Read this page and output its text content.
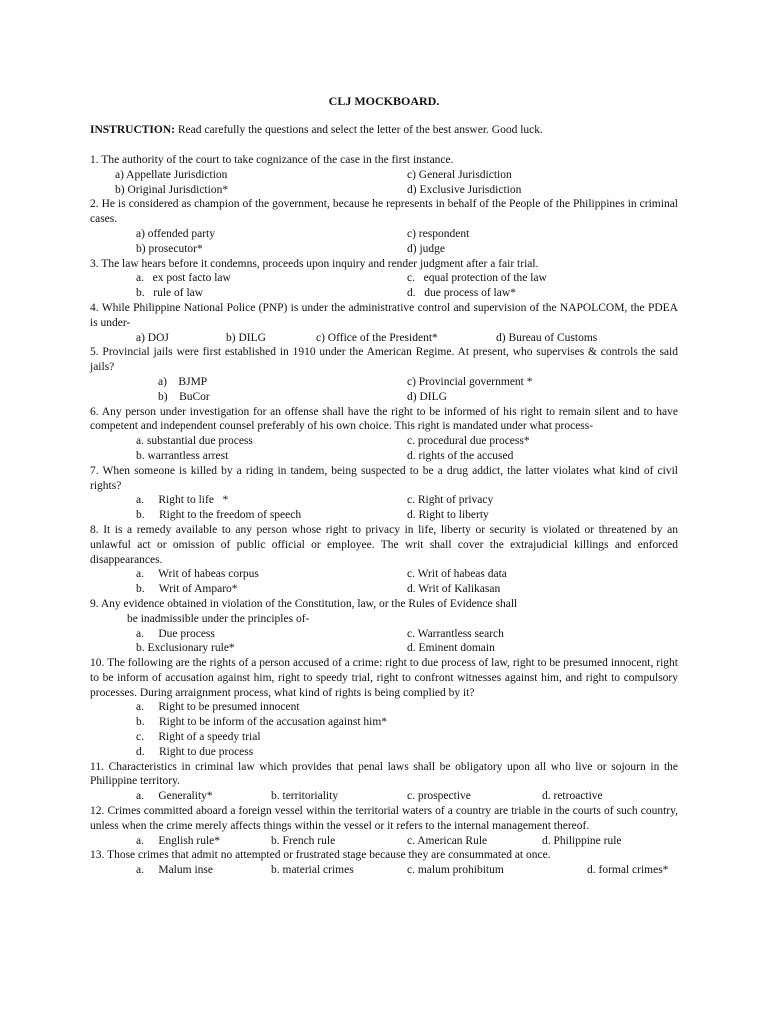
CLJ MOCKBOARD.
INSTRUCTION: Read carefully the questions and select the letter of the best answer. Good luck.
1. The authority of the court to take cognizance of the case in the first instance.
a) Appellate Jurisdiction	c) General Jurisdiction
b) Original Jurisdiction*	d) Exclusive Jurisdiction
2. He is considered as champion of the government, because he represents in behalf of the People of the Philippines in criminal cases.
a) offended party	c) respondent
b) prosecutor*	d) judge
3. The law hears before it condemns, proceeds upon inquiry and render judgment after a fair trial.
a.   ex post facto law	c.   equal protection of the law
b.   rule of law	d.   due process of law*
4. While Philippine National Police (PNP) is under the administrative control and supervision of the NAPOLCOM, the PDEA is under-
a) DOJ	b) DILG	c) Office of the President*	d) Bureau of Customs
5. Provincial jails were first established in 1910 under the American Regime. At present, who supervises & controls the said jails?
a)    BJMP	c) Provincial government *
b)    BuCor	d) DILG
6. Any person under investigation for an offense shall have the right to be informed of his right to remain silent and to have competent and independent counsel preferably of his own choice. This right is mandated under what process-
a. substantial due process	c. procedural due process*
b. warrantless arrest	d. rights of the accused
7. When someone is killed by a riding in tandem, being suspected to be a drug addict, the latter violates what kind of civil rights?
a.     Right to life   *	c. Right of privacy
b.     Right to the freedom of speech	d. Right to liberty
8. It is a remedy available to any person whose right to privacy in life, liberty or security is violated or threatened by an unlawful act or omission of public official or employee. The writ shall cover the extrajudicial killings and enforced disappearances.
a.     Writ of habeas corpus	c. Writ of habeas data
b.     Writ of Amparo*	d. Writ of Kalikasan
9. Any evidence obtained in violation of the Constitution, law, or the Rules of Evidence shall
be inadmissible under the principles of-
a.     Due process	c. Warrantless search
b. Exclusionary rule*	d. Eminent domain
10. The following are the rights of a person accused of a crime: right to due process of law, right to be presumed innocent, right to be inform of accusation against him, right to speedy trial, right to confront witnesses against him, and right to compulsory processes. During arraignment process, what kind of rights is being complied by it?
a.     Right to be presumed innocent
b.     Right to be inform of the accusation against him*
c.     Right of a speedy trial
d.     Right to due process
11. Characteristics in criminal law which provides that penal laws shall be obligatory upon all who live or sojourn in the Philippine territory.
a.     Generality*	b. territoriality	c. prospective	d. retroactive
12. Crimes committed aboard a foreign vessel within the territorial waters of a country are triable in the courts of such country, unless when the crime merely affects things within the vessel or it refers to the internal management thereof.
a.     English rule*	b. French rule	c. American Rule	d. Philippine rule
13. Those crimes that admit no attempted or frustrated stage because they are consummated at once.
a.     Malum inse	b. material crimes	c. malum prohibitum	d. formal crimes*
